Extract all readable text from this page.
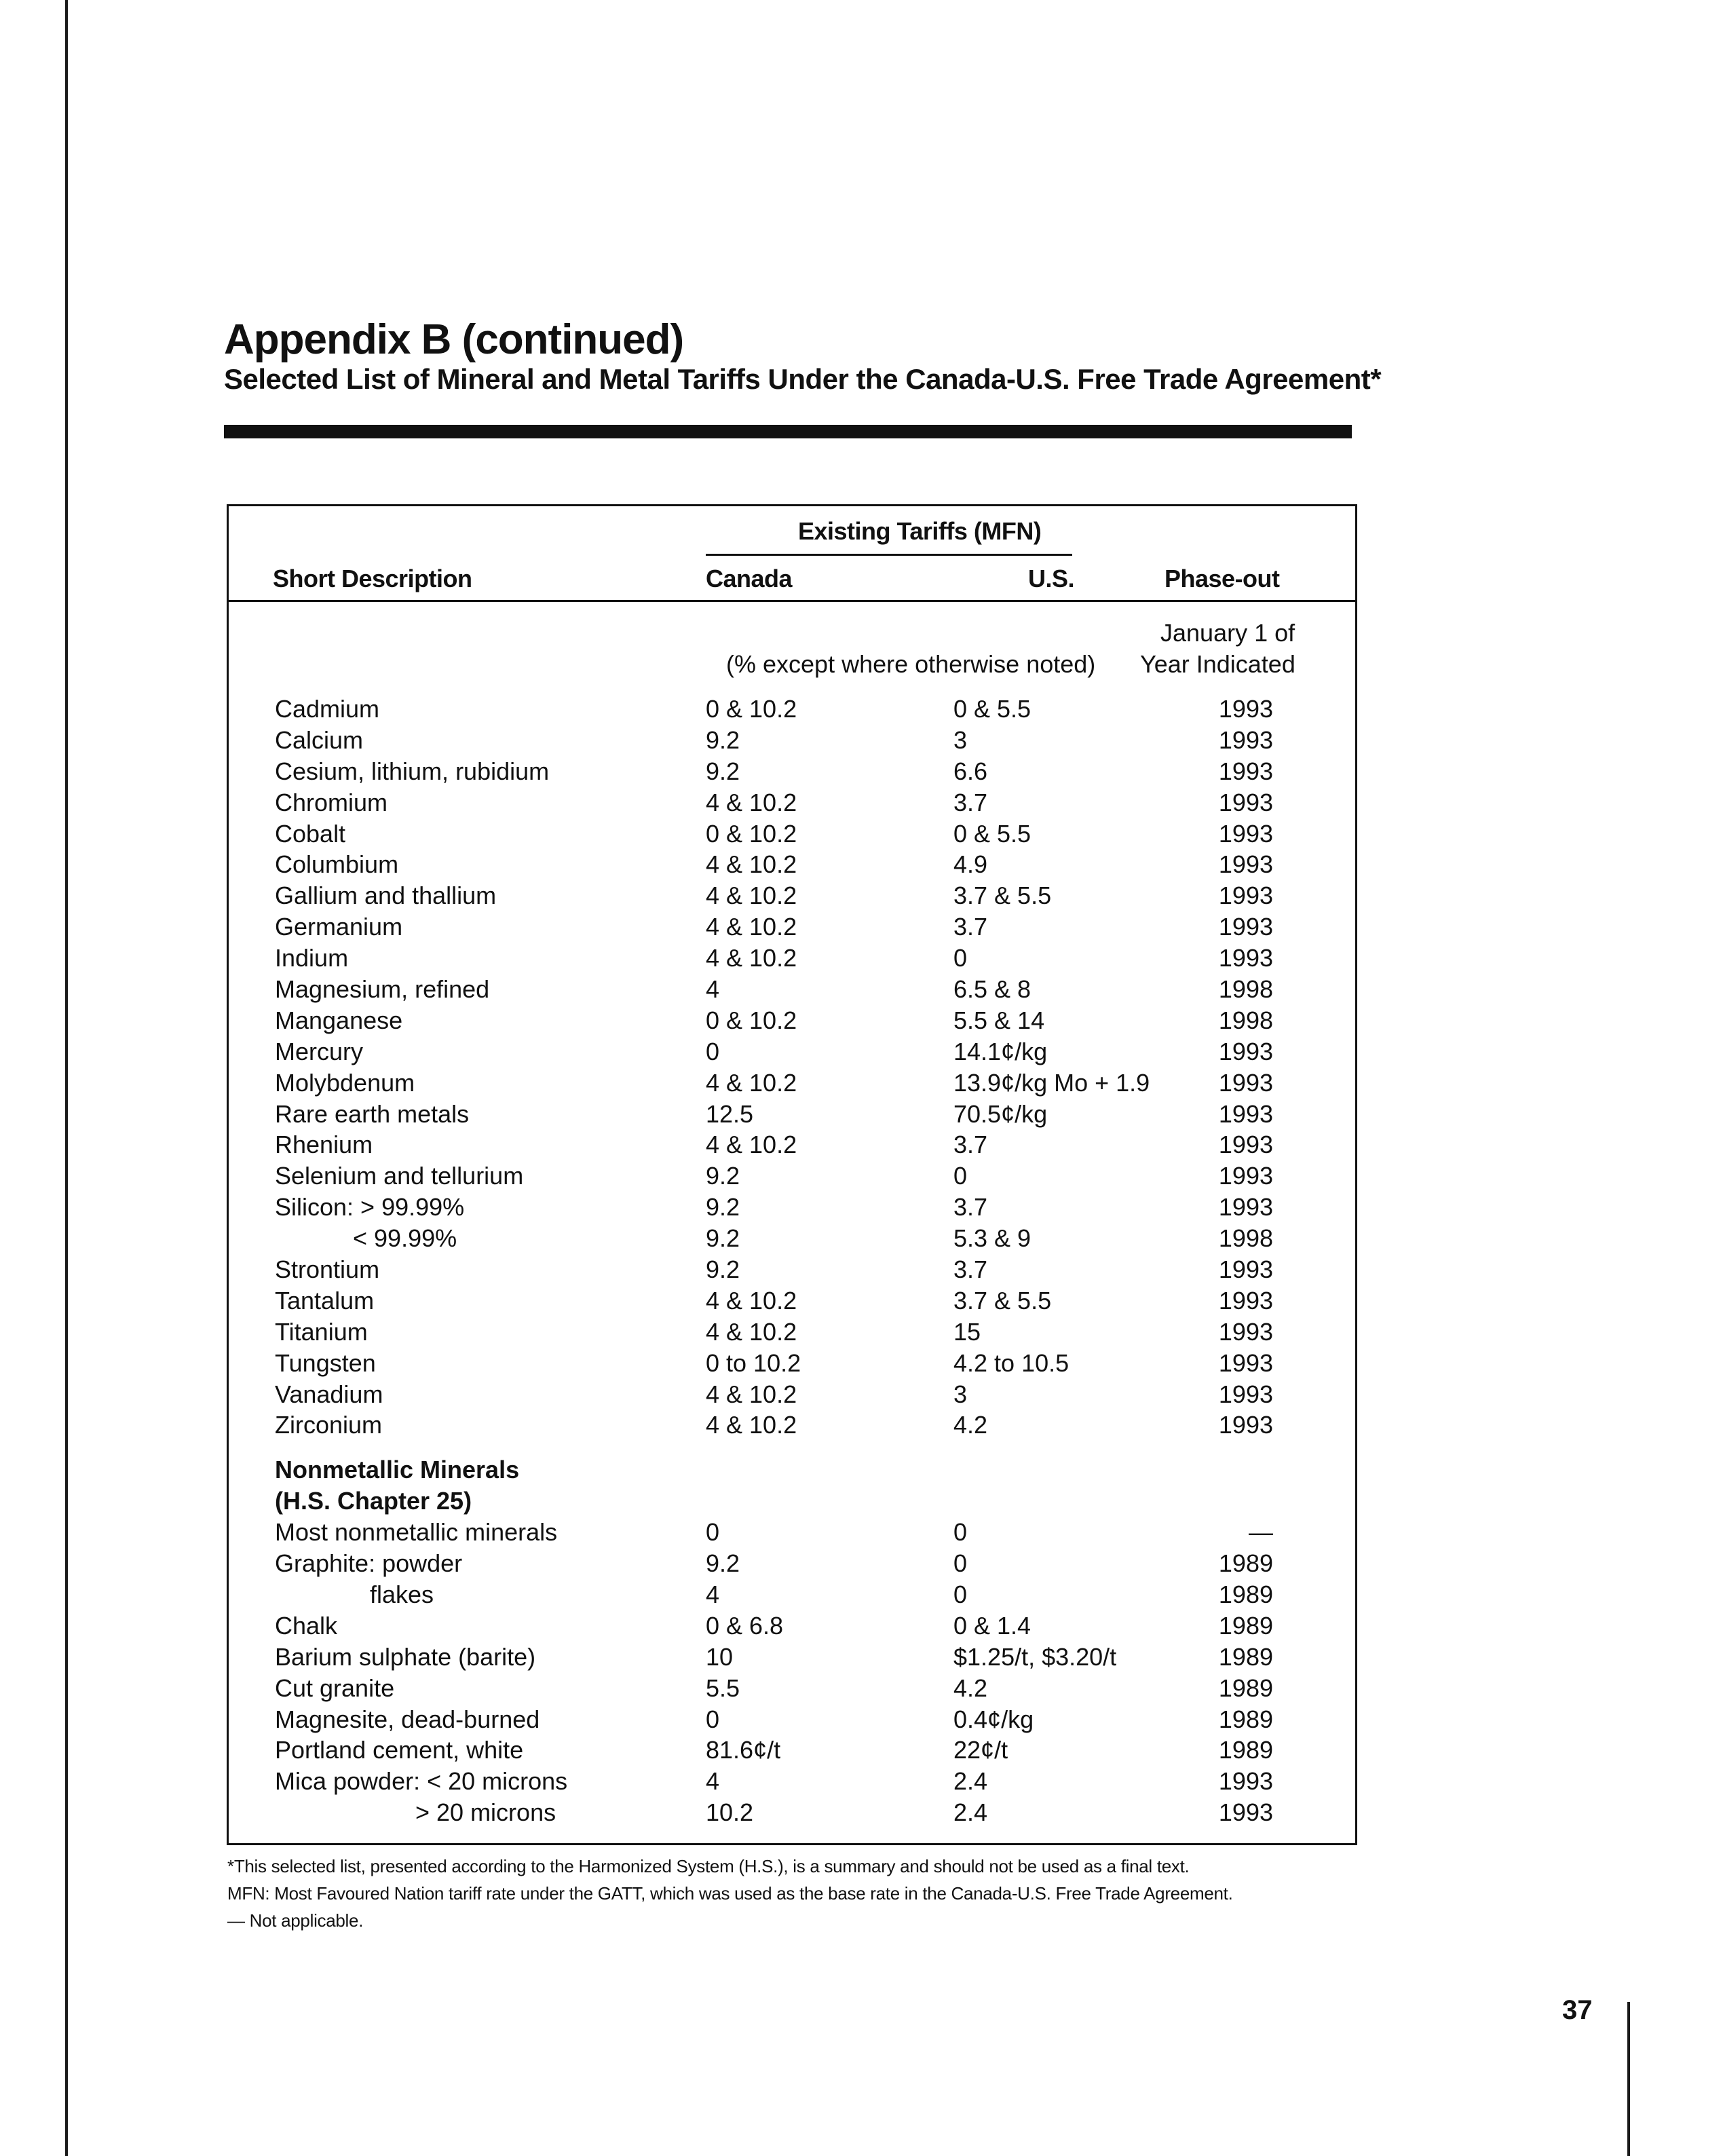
Appendix B (continued)
Selected List of Mineral and Metal Tariffs Under the Canada-U.S. Free Trade Agreement*
Existing Tariffs (MFN)
Short Description	Canada	U.S.	Phase-out
(% except where otherwise noted)
January 1 of
Year Indicated
Cadmium	0 & 10.2	0 & 5.5	1993
Calcium	9.2	3	1993
Cesium, lithium, rubidium	9.2	6.6	1993
Chromium	4 & 10.2	3.7	1993
Cobalt	0 & 10.2	0 & 5.5	1993
Columbium	4 & 10.2	4.9	1993
Gallium and thallium	4 & 10.2	3.7 & 5.5	1993
Germanium	4 & 10.2	3.7	1993
Indium	4 & 10.2	0	1993
Magnesium, refined	4	6.5 & 8	1998
Manganese	0 & 10.2	5.5 & 14	1998
Mercury	0	14.1¢/kg	1993
Molybdenum	4 & 10.2	13.9¢/kg Mo + 1.9	1993
Rare earth metals	12.5	70.5¢/kg	1993
Rhenium	4 & 10.2	3.7	1993
Selenium and tellurium	9.2	0	1993
Silicon: > 99.99%	9.2	3.7	1993
< 99.99%	9.2	5.3 & 9	1998
Strontium	9.2	3.7	1993
Tantalum	4 & 10.2	3.7 & 5.5	1993
Titanium	4 & 10.2	15	1993
Tungsten	0 to 10.2	4.2 to 10.5	1993
Vanadium	4 & 10.2	3	1993
Zirconium	4 & 10.2	4.2	1993
Nonmetallic Minerals
(H.S. Chapter 25)
Most nonmetallic minerals	0	0	—
Graphite: powder	9.2	0	1989
flakes	4	0	1989
Chalk	0 & 6.8	0 & 1.4	1989
Barium sulphate (barite)	10	$1.25/t, $3.20/t	1989
Cut granite	5.5	4.2	1989
Magnesite, dead-burned	0	0.4¢/kg	1989
Portland cement, white	81.6¢/t	22¢/t	1989
Mica powder: < 20 microns	4	2.4	1993
> 20 microns	10.2	2.4	1993
*This selected list, presented according to the Harmonized System (H.S.), is a summary and should not be used as a final text.
MFN: Most Favoured Nation tariff rate under the GATT, which was used as the base rate in the Canada-U.S. Free Trade Agreement.
— Not applicable.
37
